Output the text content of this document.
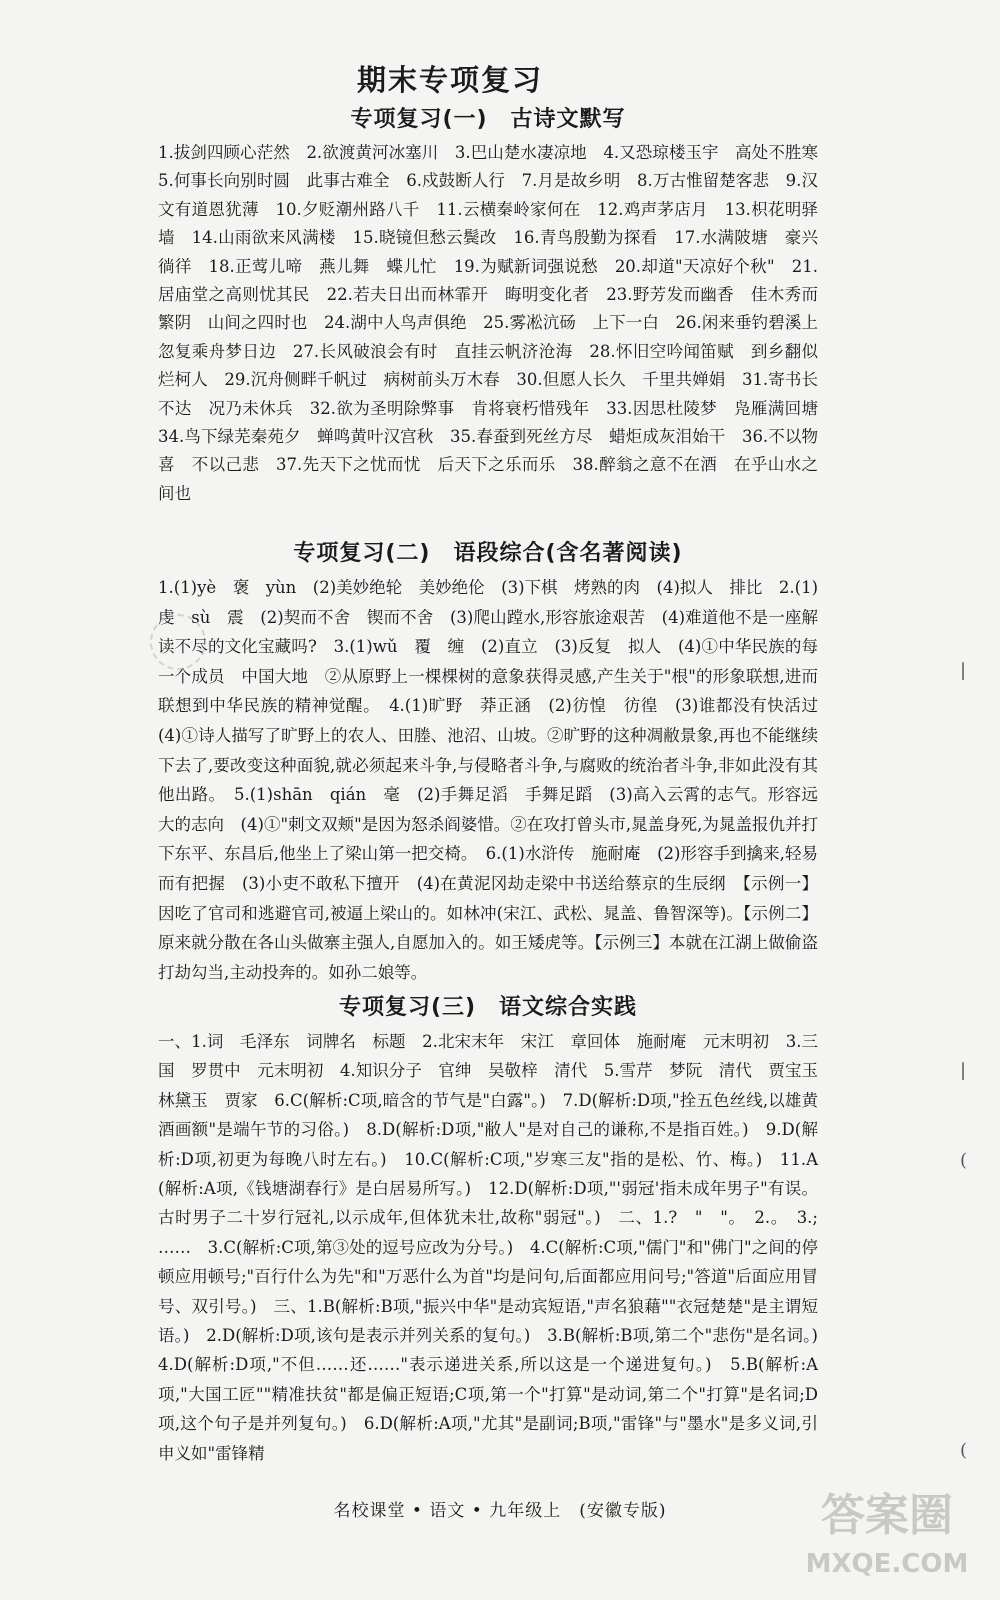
期末专项复习
专项复习(一)　古诗文默写
1.拔剑四顾心茫然　2.欲渡黄河冰塞川　3.巴山楚水凄凉地　4.又恐琼楼玉宇　高处不胜寒　5.何事长向别时圆　此事古难全　6.戍鼓断人行　7.月是故乡明　8.万古惟留楚客悲　9.汉文有道恩犹薄　10.夕贬潮州路八千　11.云横秦岭家何在　12.鸡声茅店月　13.枳花明驿墙　14.山雨欲来风满楼　15.晓镜但愁云鬓改　16.青鸟殷勤为探看　17.水满陂塘　豪兴徜徉　18.正莺儿啼　燕儿舞　蝶儿忙　19.为赋新词强说愁　20.却道"天凉好个秋"　21.居庙堂之高则忧其民　22.若夫日出而林霏开　晦明变化者　23.野芳发而幽香　佳木秀而繁阴　山间之四时也　24.湖中人鸟声俱绝　25.雾凇沆砀　上下一白　26.闲来垂钓碧溪上　忽复乘舟梦日边　27.长风破浪会有时　直挂云帆济沧海　28.怀旧空吟闻笛赋　到乡翻似烂柯人　29.沉舟侧畔千帆过　病树前头万木春　30.但愿人长久　千里共婵娟　31.寄书长不达　况乃未休兵　32.欲为圣明除弊事　肯将衰朽惜残年　33.因思杜陵梦　凫雁满回塘　34.鸟下绿芜秦苑夕　蝉鸣黄叶汉宫秋　35.春蚕到死丝方尽　蜡炬成灰泪始干　36.不以物喜　不以己悲　37.先天下之忧而忧　后天下之乐而乐　38.醉翁之意不在酒　在乎山水之间也
专项复习(二)　语段综合(含名著阅读)
1.(1)yè　褒　yùn　(2)美妙绝轮　美妙绝伦　(3)下棋　烤熟的肉　(4)拟人　排比　2.(1)虔　sù　震　(2)契而不舍　锲而不舍　(3)爬山蹚水,形容旅途艰苦　(4)难道他不是一座解读不尽的文化宝藏吗?　3.(1)wǔ　覆　缠　(2)直立　(3)反复　拟人　(4)①中华民族的每一个成员　中国大地　②从原野上一棵棵树的意象获得灵感,产生关于"根"的形象联想,进而联想到中华民族的精神觉醒。　4.(1)旷野　莽正涵　(2)彷惶　彷徨　(3)谁都没有快活过　(4)①诗人描写了旷野上的农人、田塍、池沼、山坡。②旷野的这种凋敝景象,再也不能继续下去了,要改变这种面貌,就必须起来斗争,与侵略者斗争,与腐败的统治者斗争,非如此没有其他出路。　5.(1)shān　qián　毫　(2)手舞足滔　手舞足蹈　(3)高入云霄的志气。形容远大的志向　(4)①"刺文双颊"是因为怒杀阎婆惜。②在攻打曾头市,晁盖身死,为晁盖报仇并打下东平、东昌后,他坐上了梁山第一把交椅。　6.(1)水浒传　施耐庵　(2)形容手到擒来,轻易而有把握　(3)小吏不敢私下擅开　(4)在黄泥冈劫走梁中书送给蔡京的生辰纲　【示例一】因吃了官司和逃避官司,被逼上梁山的。如林冲(宋江、武松、晁盖、鲁智深等)。【示例二】原来就分散在各山头做寨主强人,自愿加入的。如王矮虎等。【示例三】本就在江湖上做偷盗打劫勾当,主动投奔的。如孙二娘等。
专项复习(三)　语文综合实践
一、1.词　毛泽东　词牌名　标题　2.北宋末年　宋江　章回体　施耐庵　元末明初　3.三国　罗贯中　元末明初　4.知识分子　官绅　吴敬梓　清代　5.雪芹　梦阮　清代　贾宝玉　林黛玉　贾家　6.C(解析:C项,暗含的节气是"白露"。)　7.D(解析:D项,"拴五色丝线,以雄黄酒画额"是端午节的习俗。)　8.D(解析:D项,"敝人"是对自己的谦称,不是指百姓。)　9.D(解析:D项,初更为每晚八时左右。)　10.C(解析:C项,"岁寒三友"指的是松、竹、梅。)　11.A(解析:A项,《钱塘湖春行》是白居易所写。)　12.D(解析:D项,"'弱冠'指未成年男子"有误。古时男子二十岁行冠礼,以示成年,但体犹未壮,故称"弱冠"。)　二、1.?　"　"。　2.。　3.;　……　3.C(解析:C项,第③处的逗号应改为分号。)　4.C(解析:C项,"儒门"和"佛门"之间的停顿应用顿号;"百行什么为先"和"万恶什么为首"均是问句,后面都应用问号;"答道"后面应用冒号、双引号。)　三、1.B(解析:B项,"振兴中华"是动宾短语,"声名狼藉""衣冠楚楚"是主谓短语。)　2.D(解析:D项,该句是表示并列关系的复句。)　3.B(解析:B项,第二个"悲伤"是名词。)　4.D(解析:D项,"不但……还……"表示递进关系,所以这是一个递进复句。)　5.B(解析:A项,"大国工匠""精准扶贫"都是偏正短语;C项,第一个"打算"是动词,第二个"打算"是名词;D项,这个句子是并列复句。)　6.D(解析:A项,"尤其"是副词;B项,"雷锋"与"墨水"是多义词,引申义如"雷锋精
|
|
(
(
名校课堂 • 语文 • 九年级上　(安徽专版)	答案圈
MXQE.COM
